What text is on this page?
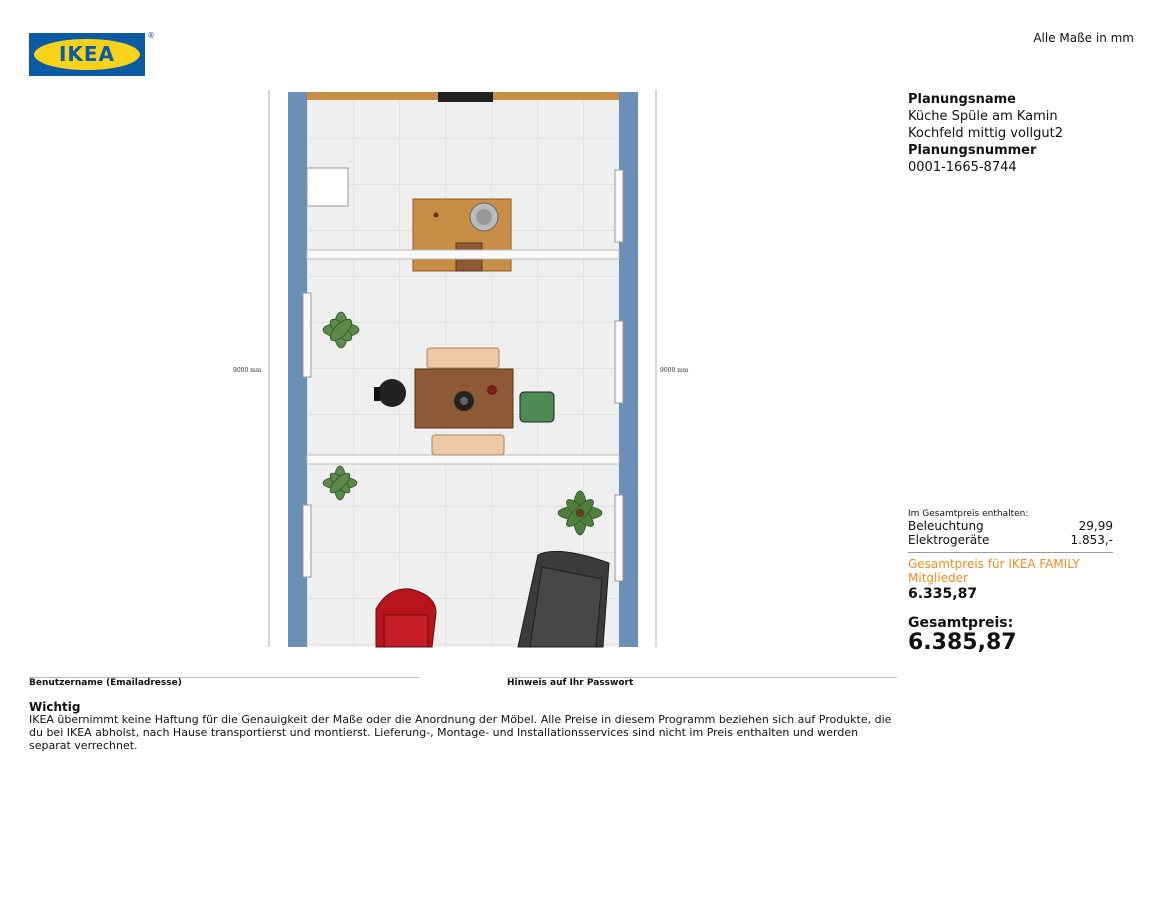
IKEA
®	Alle Maße in mm
9000 mm	9000 mm
Planungsname
Küche Spüle am Kamin
Kochfeld mittig vollgut2
Planungsnummer
0001-1665-8744
Im Gesamtpreis enthalten:
Beleuchtung	29,99
Elektrogeräte	1.853,-
Gesamtpreis für IKEA FAMILY Mitglieder
6.335,87
Gesamtpreis:
6.385,87
Benutzername (Emailadresse)	Hinweis auf Ihr Passwort
Wichtig
IKEA übernimmt keine Haftung für die Genauigkeit der Maße oder die Anordnung der Möbel. Alle Preise in diesem Programm beziehen sich auf Produkte, die du bei IKEA abholst, nach Hause transportierst und montierst. Lieferung-, Montage- und Installationsservices sind nicht im Preis enthalten und werden separat verrechnet.
